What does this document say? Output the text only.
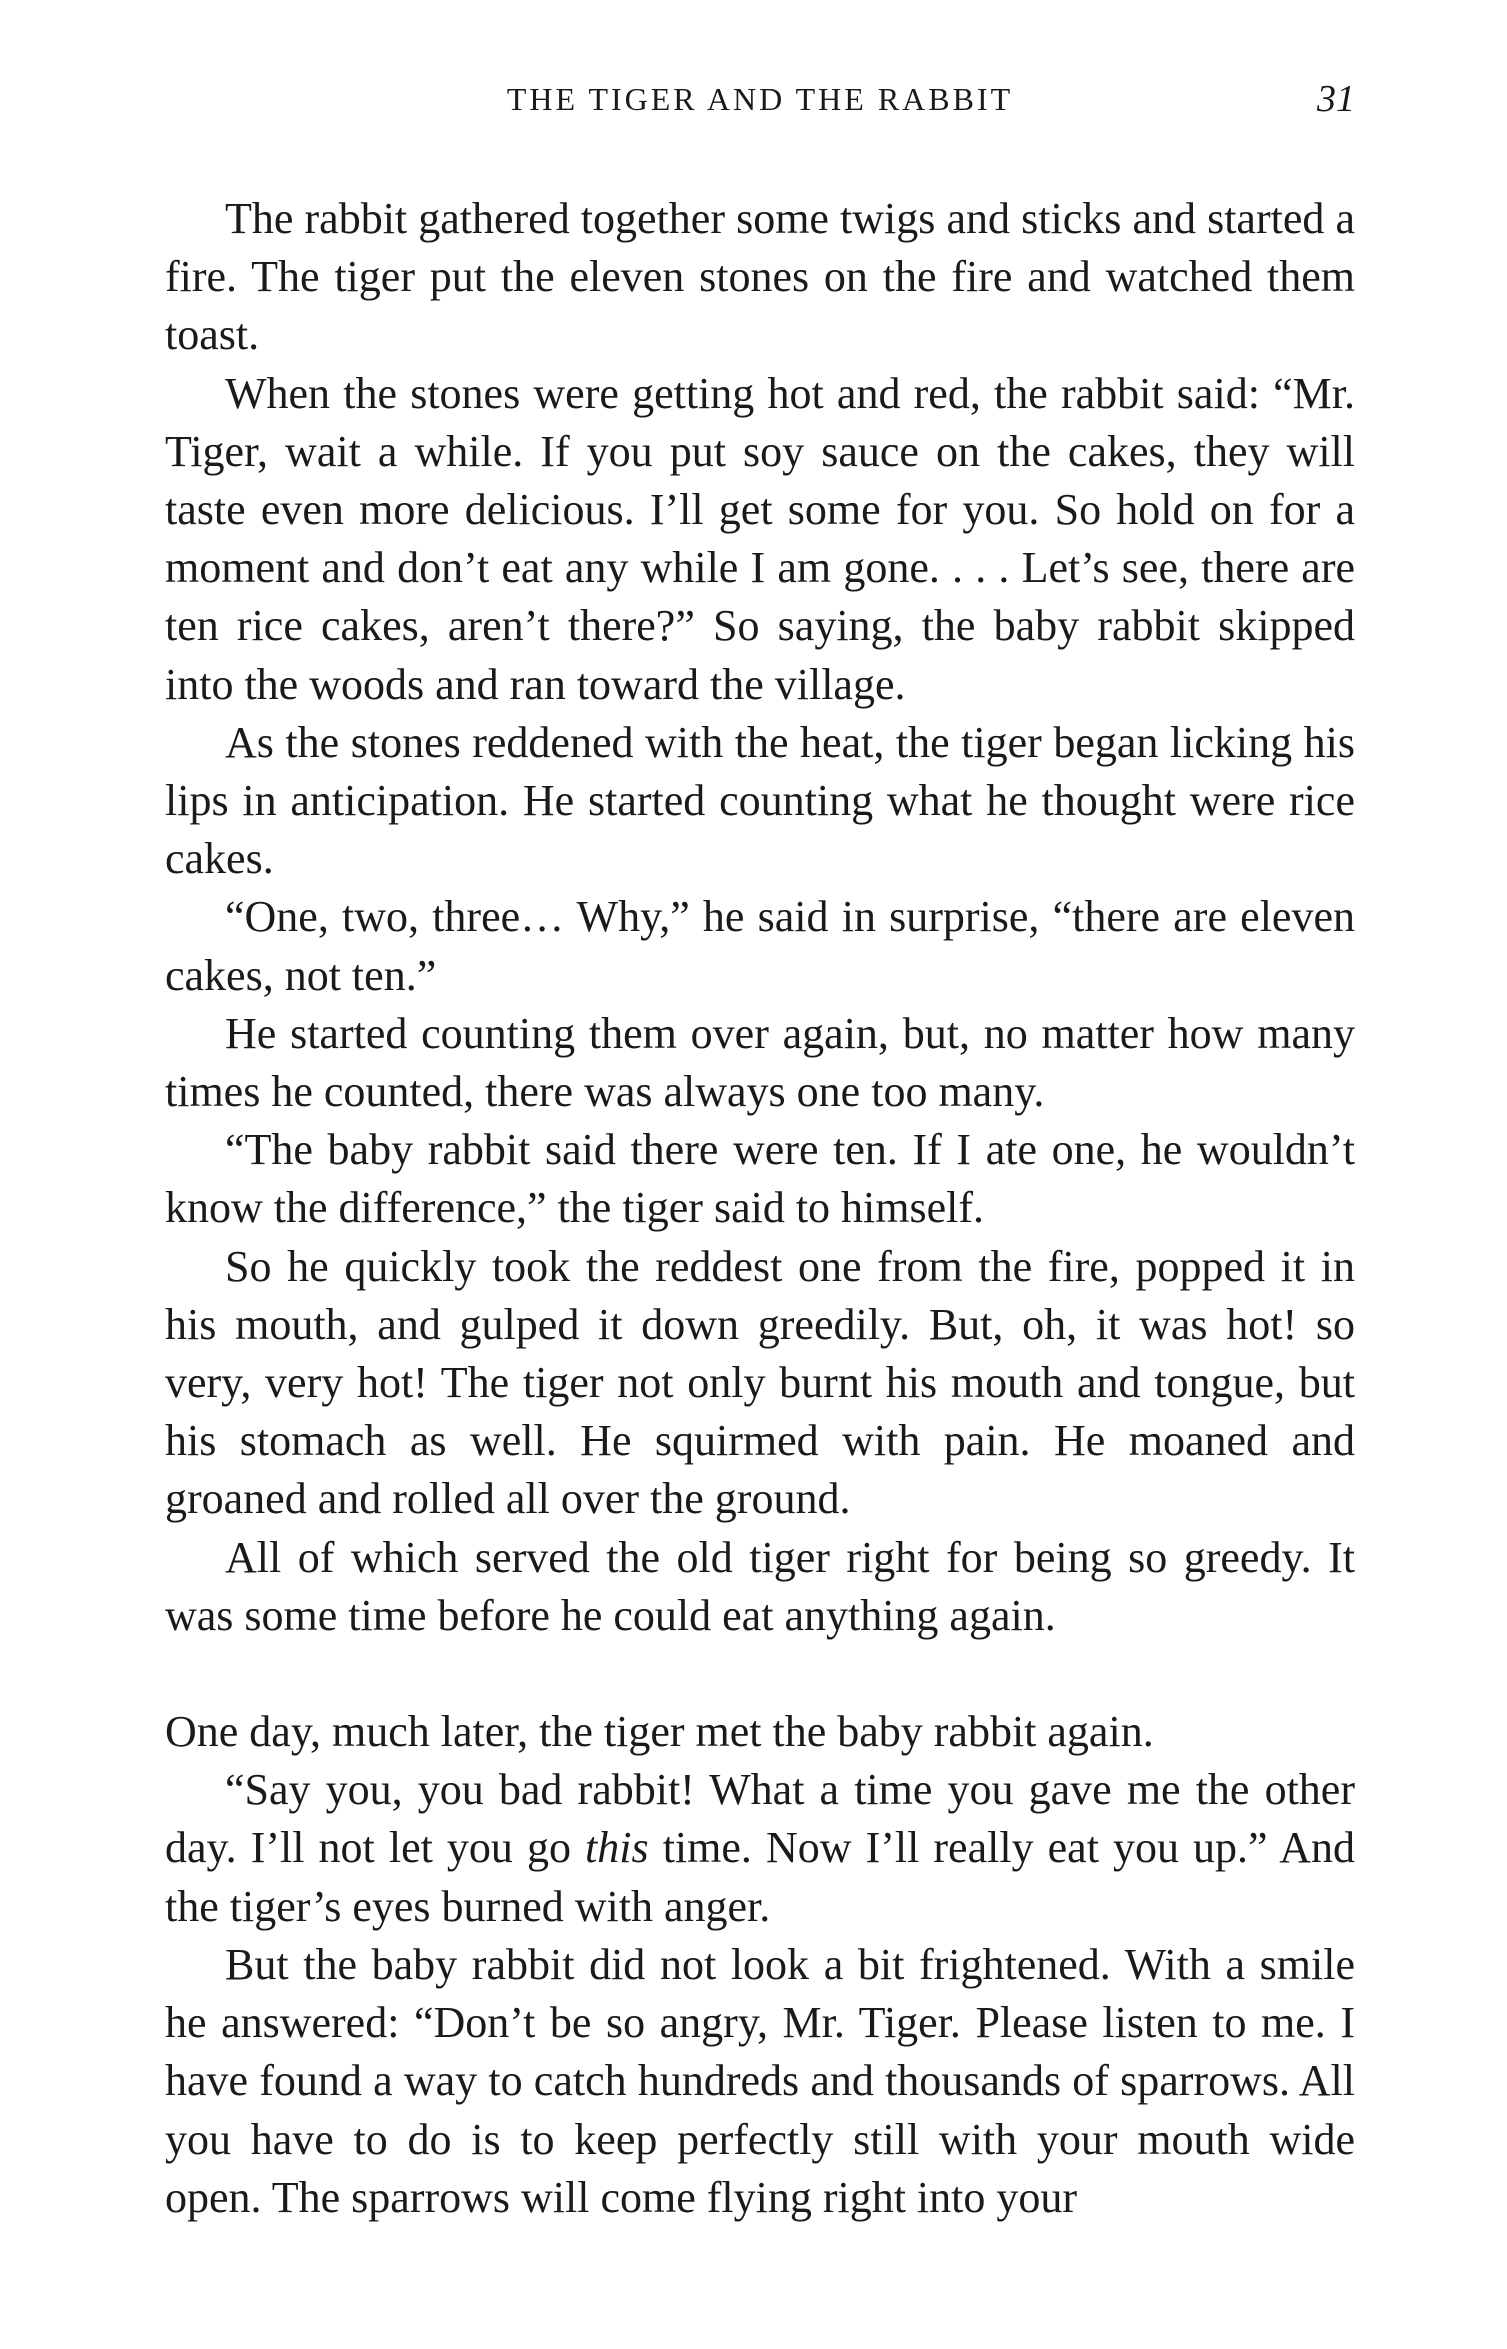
THE TIGER AND THE RABBIT	31

The rabbit gathered together some twigs and sticks and started a fire. The tiger put the eleven stones on the fire and watched them toast.

When the stones were getting hot and red, the rabbit said: “Mr. Tiger, wait a while. If you put soy sauce on the cakes, they will taste even more delicious. I’ll get some for you. So hold on for a moment and don’t eat any while I am gone. . . . Let’s see, there are ten rice cakes, aren’t there?” So saying, the baby rabbit skipped into the woods and ran toward the village.

As the stones reddened with the heat, the tiger began licking his lips in anticipation. He started counting what he thought were rice cakes.

“One, two, three… Why,” he said in surprise, “there are eleven cakes, not ten.”

He started counting them over again, but, no matter how many times he counted, there was always one too many.

“The baby rabbit said there were ten. If I ate one, he wouldn’t know the difference,” the tiger said to himself.

So he quickly took the reddest one from the fire, popped it in his mouth, and gulped it down greedily. But, oh, it was hot! so very, very hot! The tiger not only burnt his mouth and tongue, but his stomach as well. He squirmed with pain. He moaned and groaned and rolled all over the ground.

All of which served the old tiger right for being so greedy. It was some time before he could eat anything again.

One day, much later, the tiger met the baby rabbit again.

“Say you, you bad rabbit! What a time you gave me the other day. I’ll not let you go this time. Now I’ll really eat you up.” And the tiger’s eyes burned with anger.

But the baby rabbit did not look a bit frightened. With a smile he answered: “Don’t be so angry, Mr. Tiger. Please listen to me. I have found a way to catch hundreds and thousands of sparrows. All you have to do is to keep perfectly still with your mouth wide open. The sparrows will come flying right into your
